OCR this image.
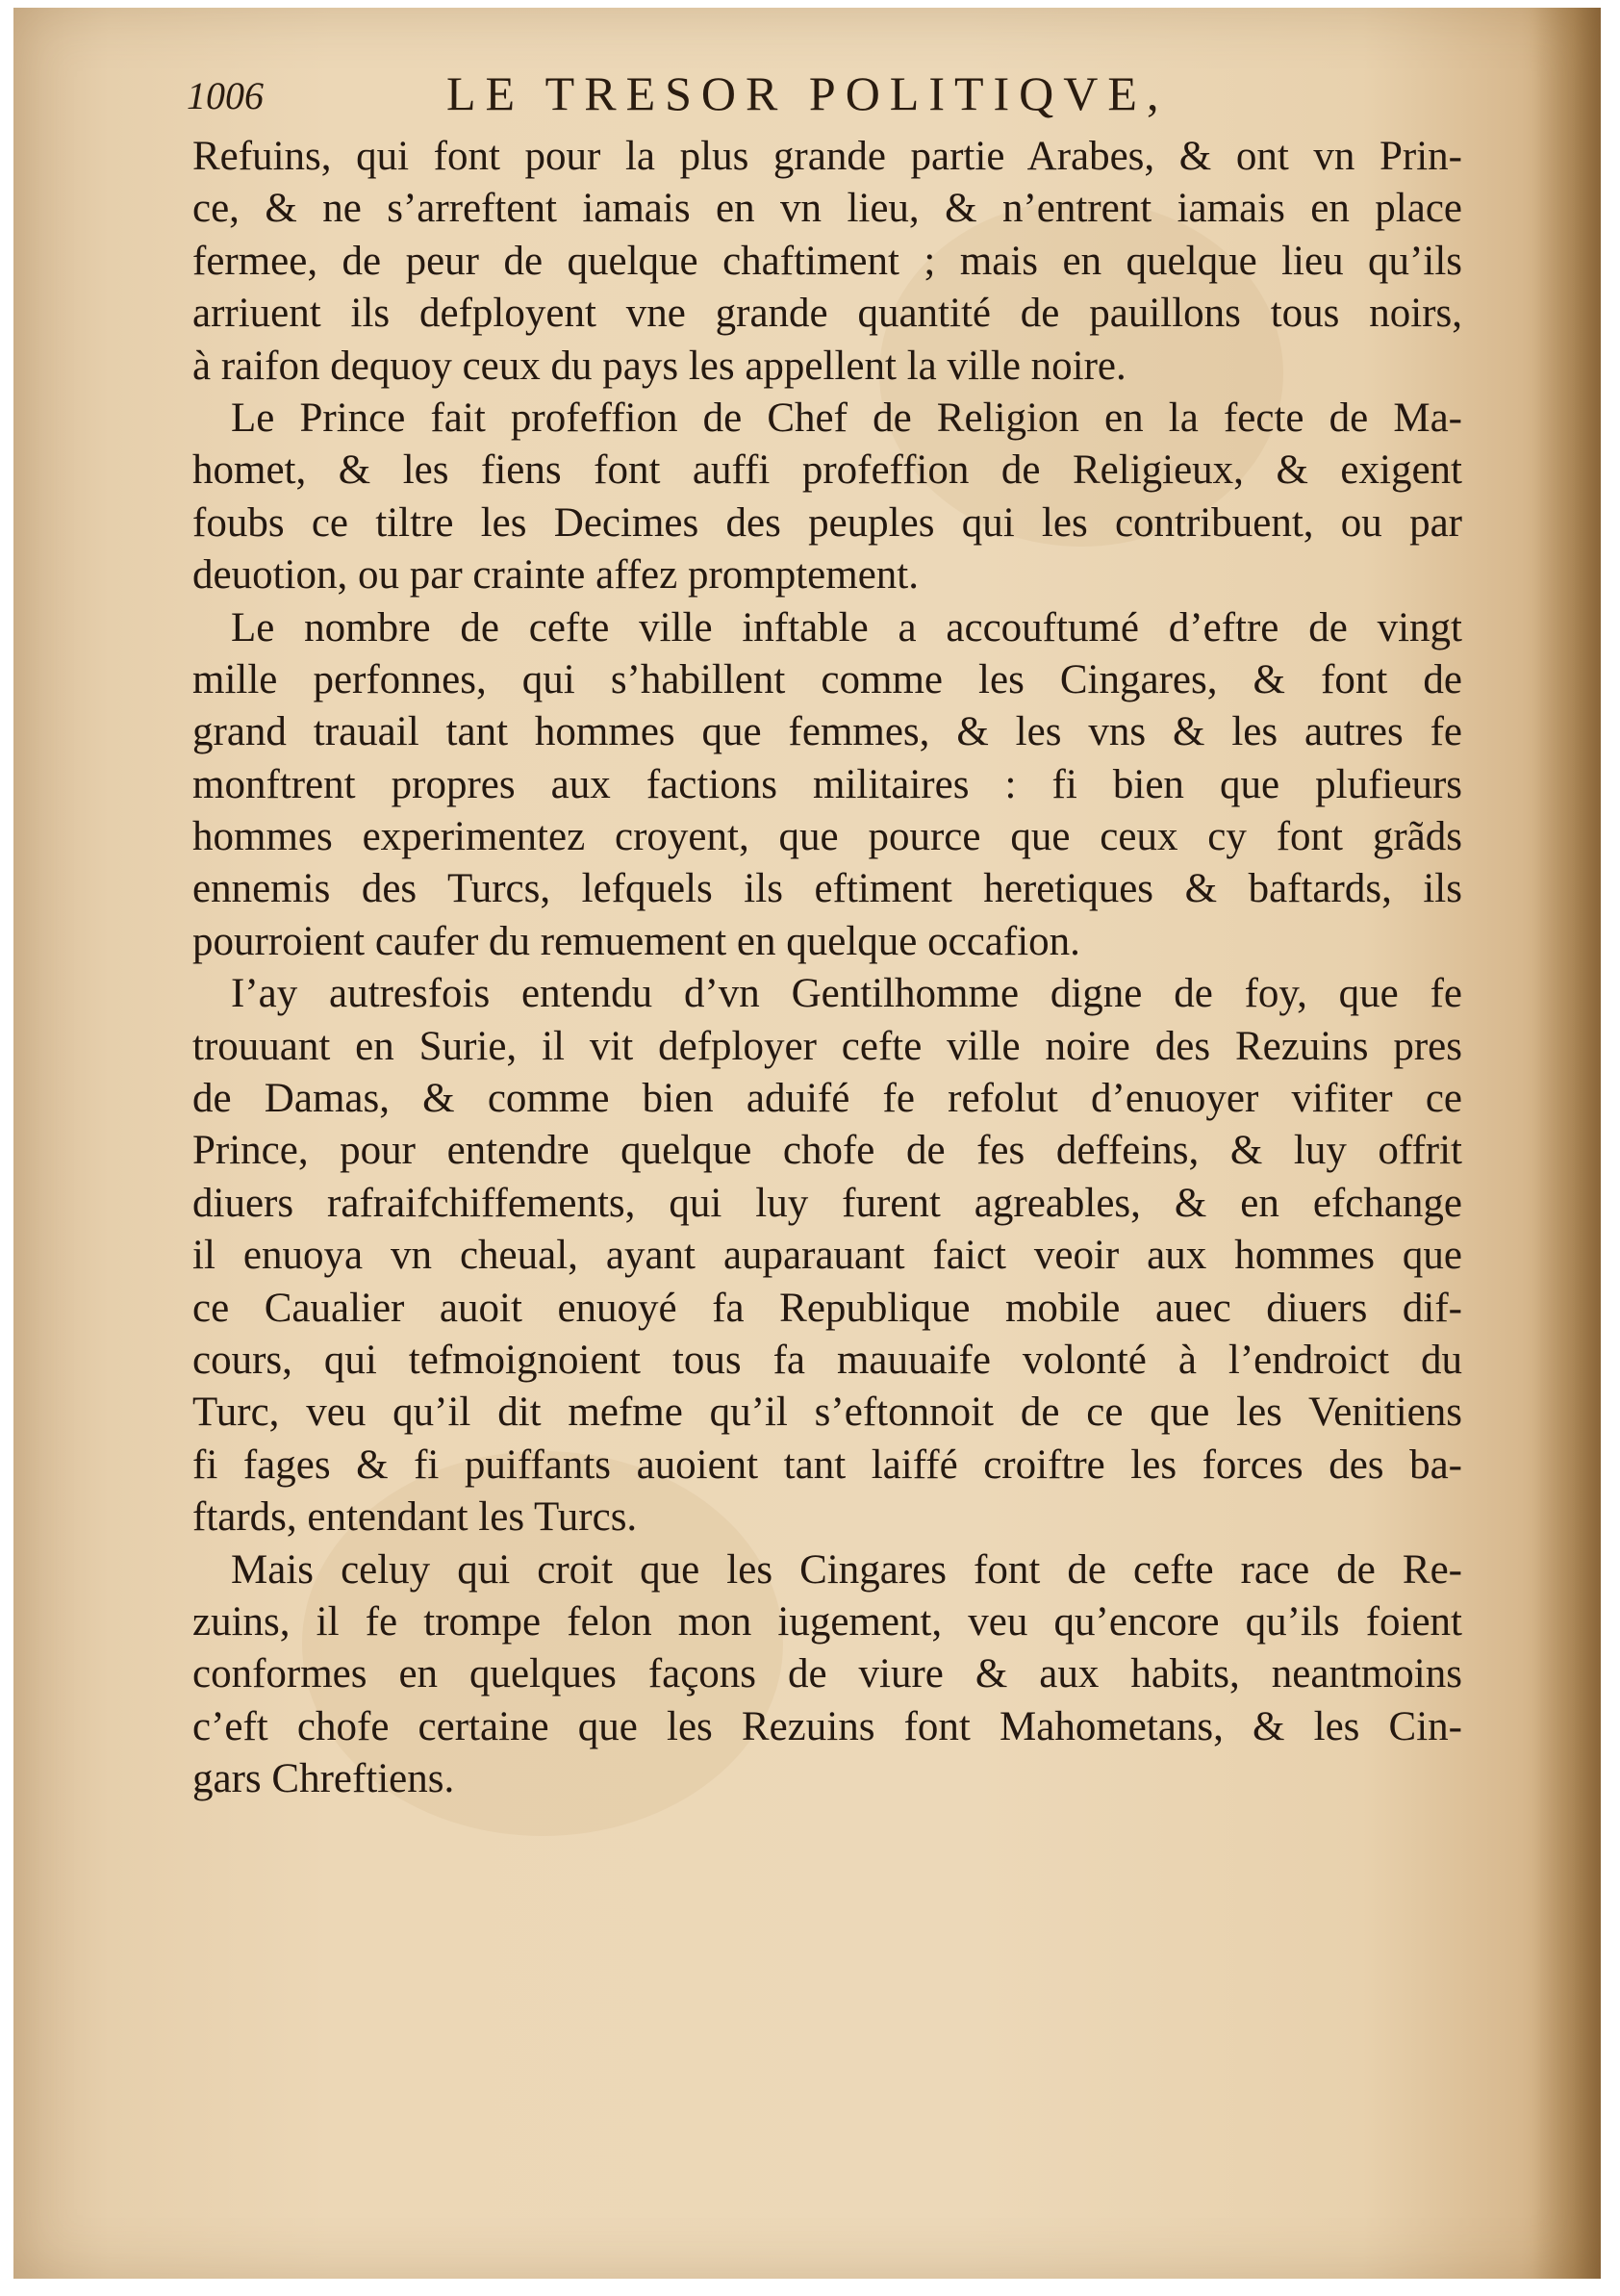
1006	LE TRESOR POLITIQVE,
Refuins, qui font pour la plus grande partie Arabes, & ont vn Prin-
ce, & ne s’arreftent iamais en vn lieu, & n’entrent iamais en place
fermee, de peur de quelque chaftiment ; mais en quelque lieu qu’ils
arriuent ils defployent vne grande quantité de pauillons tous noirs,
à raifon dequoy ceux du pays les appellent la ville noire.
Le Prince fait profeffion de Chef de Religion en la fecte de Ma-
homet, & les fiens font auffi profeffion de Religieux, & exigent
foubs ce tiltre les Decimes des peuples qui les contribuent, ou par
deuotion, ou par crainte affez promptement.
Le nombre de cefte ville inftable a accouftumé d’eftre de vingt
mille perfonnes, qui s’habillent comme les Cingares, & font de
grand trauail tant hommes que femmes, & les vns & les autres fe
monftrent propres aux factions militaires : fi bien que plufieurs
hommes experimentez croyent, que pource que ceux cy font grãds
ennemis des Turcs, lefquels ils eftiment heretiques & baftards, ils
pourroient caufer du remuement en quelque occafion.
I’ay autresfois entendu d’vn Gentilhomme digne de foy, que fe
trouuant en Surie, il vit defployer cefte ville noire des Rezuins pres
de Damas, & comme bien aduifé fe refolut d’enuoyer vifiter ce
Prince, pour entendre quelque chofe de fes deffeins, & luy offrit
diuers rafraifchiffements, qui luy furent agreables, & en efchange
il enuoya vn cheual, ayant auparauant faict veoir aux hommes que
ce Caualier auoit enuoyé fa Republique mobile auec diuers dif-
cours, qui tefmoignoient tous fa mauuaife volonté à l’endroict du
Turc, veu qu’il dit mefme qu’il s’eftonnoit de ce que les Venitiens
fi fages & fi puiffants auoient tant laiffé croiftre les forces des ba-
ftards, entendant les Turcs.
Mais celuy qui croit que les Cingares font de cefte race de Re-
zuins, il fe trompe felon mon iugement, veu qu’encore qu’ils foient
conformes en quelques façons de viure & aux habits, neantmoins
c’eft chofe certaine que les Rezuins font Mahometans, & les Cin-
gars Chreftiens.
